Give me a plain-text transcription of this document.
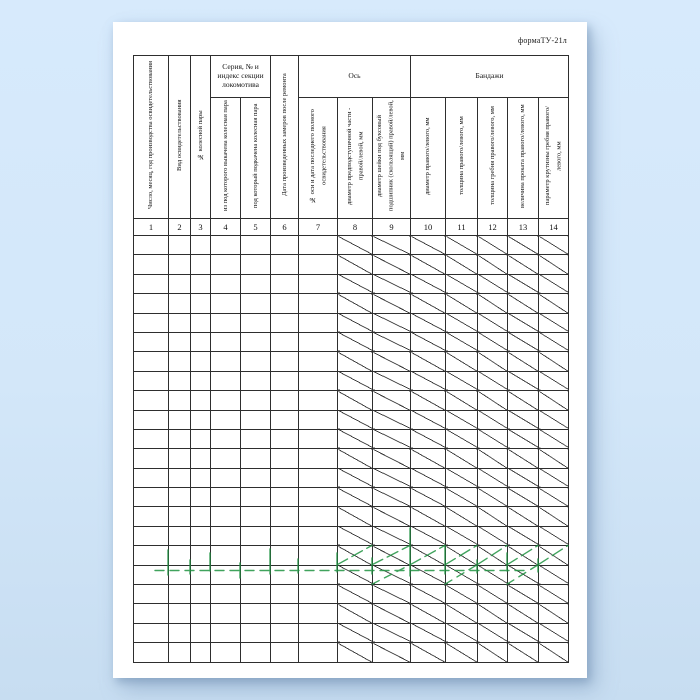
формаТУ-21л
Число, месяц, год производства освидетельствования	Вид освидетельствования	№ колесной пары	Серия, № и индекс секции локомотива		Дата произведенных замеров после ремонта	Ось			Бандажи				
			из под которого выкачена колесная пара	под который подкачена колесная пара		№ оси и дата последнего полного освидетельствования	диаметр предподступичной части - правой/левой, мм	диаметр шейки под буксовый подшипник (скользящий) правой/левой, мм	диаметр правого/левого, мм	толщина правого/левого, мм	толщина гребня правого/левого, мм	величина проката правого/левого, мм	параметр крутизны гребня правого/левого, мм
1	2	3	4	5	6	7	8	9	10	11	12	13	14
